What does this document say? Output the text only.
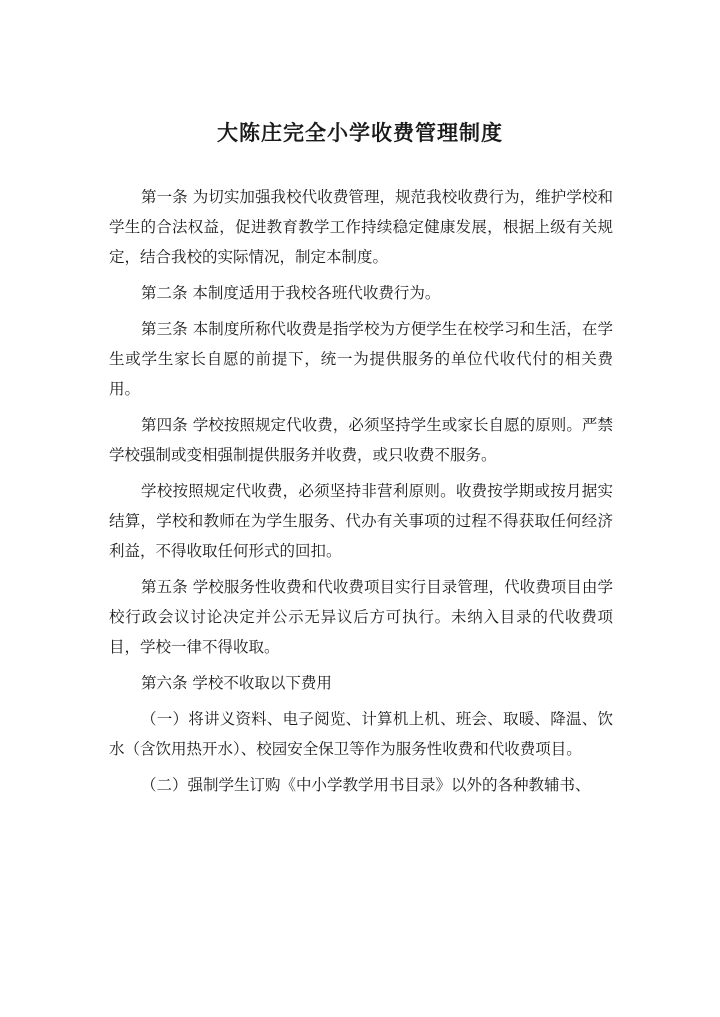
大陈庄完全小学收费管理制度

第一条 为切实加强我校代收费管理，规范我校收费行为，维护学校和学生的合法权益，促进教育教学工作持续稳定健康发展，根据上级有关规定，结合我校的实际情况，制定本制度。

第二条 本制度适用于我校各班代收费行为。

第三条 本制度所称代收费是指学校为方便学生在校学习和生活，在学生或学生家长自愿的前提下，统一为提供服务的单位代收代付的相关费用。

第四条 学校按照规定代收费，必须坚持学生或家长自愿的原则。严禁学校强制或变相强制提供服务并收费，或只收费不服务。

学校按照规定代收费，必须坚持非营利原则。收费按学期或按月据实结算，学校和教师在为学生服务、代办有关事项的过程不得获取任何经济利益，不得收取任何形式的回扣。

第五条 学校服务性收费和代收费项目实行目录管理，代收费项目由学校行政会议讨论决定并公示无异议后方可执行。未纳入目录的代收费项目，学校一律不得收取。

第六条 学校不收取以下费用

（一）将讲义资料、电子阅览、计算机上机、班会、取暖、降温、饮水（含饮用热开水）、校园安全保卫等作为服务性收费和代收费项目。

（二）强制学生订购《中小学教学用书目录》以外的各种教辅书、
